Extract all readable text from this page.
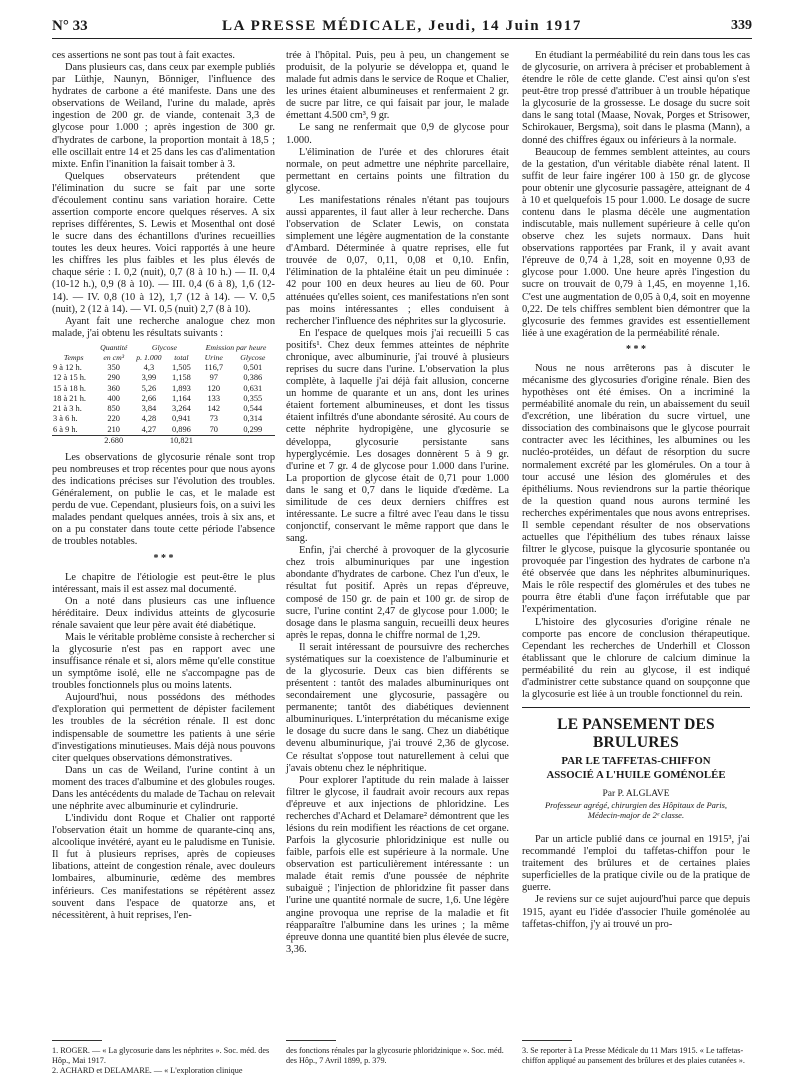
N° 33	LA PRESSE MÉDICALE, Jeudi, 14 Juin 1917	339

ces assertions ne sont pas tout à fait exactes.

Dans plusieurs cas, dans ceux par exemple publiés par Lüthje, Naunyn, Bönniger, l'influence des hydrates de carbone a été manifeste. Dans une des observations de Weiland, l'urine du malade, après ingestion de 200 gr. de viande, contenait 3,3 de glycose pour 1.000 ; après ingestion de 300 gr. d'hydrates de carbone, la proportion montait à 18,5 ; elle oscillait entre 14 et 25 dans les cas d'alimentation mixte. Enfin l'inanition la faisait tomber à 3.

Quelques observateurs prétendent que l'élimination du sucre se fait par une sorte d'écoulement continu sans variation horaire. Cette assertion comporte encore quelques réserves. A six reprises différentes, S. Lewis et Mosenthal ont dosé le sucre dans des échantillons d'urines recueillies toutes les deux heures. Voici rapportés à une heure les chiffres les plus faibles et les plus élevés de chaque série : I. 0,2 (nuit), 0,7 (8 à 10 h.) — II. 0,4 (10-12 h.), 0,9 (8 à 10). — III. 0,4 (6 à 8), 1,6 (12-14). — IV. 0,8 (10 à 12), 1,7 (12 à 14). — V. 0,5 (nuit), 2 (12 à 14). — VI. 0,5 (nuit) 2,7 (8 à 10).

Ayant fait une recherche analogue chez mon malade, j'ai obtenu les résultats suivants :

	Quantité	Glycose		Emission par heure	
Temps	en cm³	p. 1.000	total	Urine	Glycose
9 à 12 h.	350	4,3	1,505	116,7	0,501
12 à 15 h.	290	3,99	1,158	97	0,386
15 à 18 h.	360	5,26	1,893	120	0,631
18 à 21 h.	400	2,66	1,164	133	0,355
21 à 3 h.	850	3,84	3,264	142	0,544
3 à 6 h.	220	4,28	0,941	73	0,314
6 à 9 h.	210	4,27	0,896	70	0,299
	2.680		10,821		

Les observations de glycosurie rénale sont trop peu nombreuses et trop récentes pour que nous ayons des indications précises sur l'évolution des troubles. Généralement, on publie le cas, et le malade est perdu de vue. Cependant, plusieurs fois, on a suivi les malades pendant quelques années, trois à six ans, et on a pu constater dans toute cette période l'absence de troubles notables.

* * *

Le chapitre de l'étiologie est peut-être le plus intéressant, mais il est assez mal documenté.

On a noté dans plusieurs cas une influence héréditaire. Deux individus atteints de glycosurie rénale savaient que leur père avait été diabétique.

Mais le véritable problème consiste à rechercher si la glycosurie n'est pas en rapport avec une insuffisance rénale et si, alors même qu'elle constitue un symptôme isolé, elle ne s'accompagne pas de troubles fonctionnels plus ou moins latents.

Aujourd'hui, nous possédons des méthodes d'exploration qui permettent de dépister facilement les troubles de la sécrétion rénale. Il est donc indispensable de soumettre les patients à une série d'investigations minutieuses. Mais déjà nous pouvons citer quelques observations démonstratives.

Dans un cas de Weiland, l'urine contint à un moment des traces d'albumine et des globules rouges. Dans les antécédents du malade de Tachau on relevait une néphrite avec albuminurie et cylindrurie.

L'individu dont Roque et Chalier ont rapporté l'observation était un homme de quarante-cinq ans, alcoolique invétéré, ayant eu le paludisme en Tunisie. Il fut à plusieurs reprises, après de copieuses libations, atteint de congestion rénale, avec douleurs lombaires, albuminurie, œdème des membres inférieurs. Ces manifestations se répétèrent assez souvent dans l'espace de quatorze ans, et nécessitèrent, à huit reprises, l'en-

1. ROGER. — « La glycosurie dans les néphrites ». Soc. méd. des Hôp., Mai 1917.

2. ACHARD et DELAMARE. — « L'exploration clinique

trée à l'hôpital. Puis, peu à peu, un changement se produisit, de la polyurie se développa et, quand le malade fut admis dans le service de Roque et Chalier, les urines étaient albumineuses et renfermaient 2 gr. de sucre par litre, ce qui faisait par jour, le malade émettant 4.500 cm³, 9 gr.

Le sang ne renfermait que 0,9 de glycose pour 1.000.

L'élimination de l'urée et des chlorures était normale, on peut admettre une néphrite parcellaire, permettant en certains points une filtration du glycose.

Les manifestations rénales n'étant pas toujours aussi apparentes, il faut aller à leur recherche. Dans l'observation de Sclater Lewis, on constata simplement une légère augmentation de la constante d'Ambard. Déterminée à quatre reprises, elle fut trouvée de 0,07, 0,11, 0,08 et 0,10. Enfin, l'élimination de la phtaléine était un peu diminuée : 42 pour 100 en deux heures au lieu de 60. Pour atténuées qu'elles soient, ces manifestations n'en sont pas moins intéressantes ; elles conduisent à rechercher l'influence des néphrites sur la glycosurie.

En l'espace de quelques mois j'ai recueilli 5 cas positifs¹. Chez deux femmes atteintes de néphrite chronique, avec albuminurie, j'ai trouvé à plusieurs reprises du sucre dans l'urine. L'observation la plus complète, à laquelle j'ai déjà fait allusion, concerne un homme de quarante et un ans, dont les urines étaient fortement albumineuses, et dont les tissus étaient infiltrés d'une abondante sérosité. Au cours de cette néphrite hydropigène, une glycosurie se développa, glycosurie persistante sans hyperglycémie. Les dosages donnèrent 5 à 9 gr. d'urine et 7 gr. 4 de glycose pour 1.000 dans l'urine. La proportion de glycose était de 0,71 pour 1.000 dans le sang et 0,7 dans le liquide d'œdème. La similitude de ces deux derniers chiffres est intéressante. Le sucre a filtré avec l'eau dans le tissu conjonctif, conservant le même rapport que dans le sang.

Enfin, j'ai cherché à provoquer de la glycosurie chez trois albuminuriques par une ingestion abondante d'hydrates de carbone. Chez l'un d'eux, le résultat fut positif. Après un repas d'épreuve, composé de 150 gr. de pain et 100 gr. de sirop de sucre, l'urine contint 2,47 de glycose pour 1.000; le dosage dans le plasma sanguin, recueilli deux heures après le repas, donna le chiffre normal de 1,29.

Il serait intéressant de poursuivre des recherches systématiques sur la coexistence de l'albuminurie et de la glycosurie. Deux cas bien différents se présentent : tantôt des malades albuminuriques ont secondairement une glycosurie, passagère ou permanente; tantôt des diabétiques deviennent albuminuriques. L'interprétation du mécanisme exige le dosage du sucre dans le sang. Chez un diabétique devenu albuminurique, j'ai trouvé 2,36 de glycose. Ce résultat s'oppose tout naturellement à celui que j'avais obtenu chez le néphritique.

Pour explorer l'aptitude du rein malade à laisser filtrer le glycose, il faudrait avoir recours aux repas d'épreuve et aux injections de phloridzine. Les recherches d'Achard et Delamare² démontrent que les lésions du rein modifient les réactions de cet organe. Parfois la glycosurie phloridzinique est nulle ou faible, parfois elle est supérieure à la normale. Une observation est particulièrement intéressante : un malade était remis d'une poussée de néphrite subaiguë ; l'injection de phloridzine fit passer dans l'urine une quantité normale de sucre, 1,6. Une légère angine provoqua une reprise de la maladie et fit réapparaître l'albumine dans les urines ; la même épreuve donna une quantité bien plus élevée de sucre, 3,36.

des fonctions rénales par la glycosurie phloridzinique ». Soc. méd. des Hôp., 7 Avril 1899, p. 379.

En étudiant la perméabilité du rein dans tous les cas de glycosurie, on arrivera à préciser et probablement à étendre le rôle de cette glande. C'est ainsi qu'on s'est peut-être trop pressé d'attribuer à un trouble hépatique la glycosurie de la grossesse. Le dosage du sucre soit dans le sang total (Maase, Novak, Porges et Strisower, Schirokauer, Bergsma), soit dans le plasma (Mann), a donné des chiffres égaux ou inférieurs à la normale.

Beaucoup de femmes semblent atteintes, au cours de la gestation, d'un véritable diabète rénal latent. Il suffit de leur faire ingérer 100 à 150 gr. de glycose pour obtenir une glycosurie passagère, atteignant de 4 à 10 et quelquefois 15 pour 1.000. Le dosage de sucre contenu dans le plasma décèle une augmentation indiscutable, mais nullement supérieure à celle qu'on observe chez les sujets normaux. Dans huit observations rapportées par Frank, il y avait avant l'épreuve de 0,74 à 1,28, soit en moyenne 0,93 de glycose pour 1.000. Une heure après l'ingestion du sucre on trouvait de 0,79 à 1,45, en moyenne 1,16. C'est une augmentation de 0,05 à 0,4, soit en moyenne 0,22. De tels chiffres semblent bien démontrer que la glycosurie des femmes gravides est essentiellement liée à une exagération de la perméabilité rénale.

* * *

Nous ne nous arrêterons pas à discuter le mécanisme des glycosuries d'origine rénale. Bien des hypothèses ont été émises. On a incriminé la perméabilité anomale du rein, un abaissement du seuil d'excrétion, une libération du sucre virtuel, une dissociation des combinaisons que le glycose pourrait contracter avec les lécithines, les albumines ou les nucléo-protéides, un défaut de résorption du sucre normalement excrété par les glomérules. On a tour à tour accusé une lésion des glomérules et des épithéliums. Nous reviendrons sur la partie théorique de la question quand nous aurons terminé les recherches expérimentales que nous avons entreprises. Il semble cependant résulter de nos observations actuelles que l'épithélium des tubes rénaux laisse filtrer le glycose, puisque la glycosurie spontanée ou provoquée par l'ingestion des hydrates de carbone n'a été observée que dans les néphrites albuminuriques. Mais le rôle respectif des glomérules et des tubes ne pourra être établi d'une façon irréfutable que par l'expérimentation.

L'histoire des glycosuries d'origine rénale ne comporte pas encore de conclusion thérapeutique. Cependant les recherches de Underhill et Closson établissant que le chlorure de calcium diminue la perméabilité du rein au glycose, il est indiqué d'administrer cette substance quand on soupçonne que la glycosurie est liée à un trouble fonctionnel du rein.

LE PANSEMENT DES BRULURES
PAR LE TAFFETAS-CHIFFON
ASSOCIÉ A L'HUILE GOMÉNOLÉE
Par P. ALGLAVE
Professeur agrégé, chirurgien des Hôpitaux de Paris,
Médecin-major de 2ᵉ classe.

Par un article publié dans ce journal en 1915³, j'ai recommandé l'emploi du taffetas-chiffon pour le traitement des brûlures et de certaines plaies superficielles de la pratique civile ou de la pratique de guerre.

Je reviens sur ce sujet aujourd'hui parce que depuis 1915, ayant eu l'idée d'associer l'huile goménolée au taffetas-chiffon, j'y ai trouvé un pro-

3. Se reporter à La Presse Médicale du 11 Mars 1915. « Le taffetas-chiffon appliqué au pansement des brûlures et des plaies cutanées ».
